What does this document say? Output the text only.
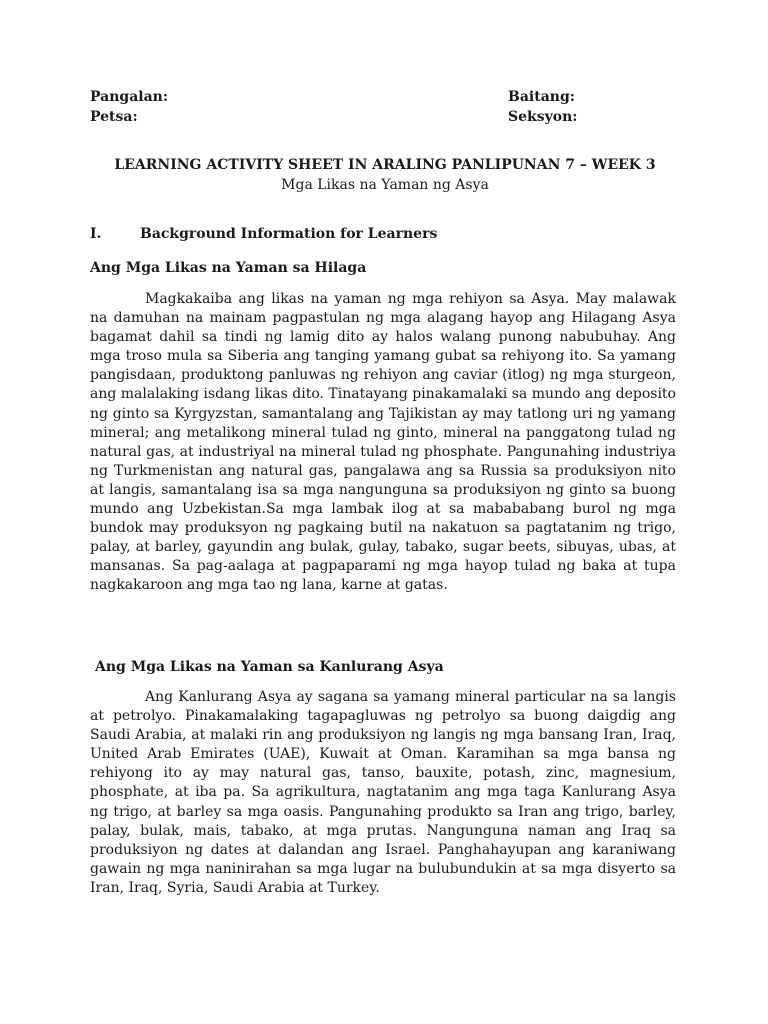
Pangalan:
Petsa:
Baitang:
Seksyon:
LEARNING ACTIVITY SHEET IN ARALING PANLIPUNAN 7 – WEEK 3
Mga Likas na Yaman ng Asya
I.	Background Information for Learners
Ang Mga Likas na Yaman sa Hilaga

Magkakaiba ang likas na yaman ng mga rehiyon sa Asya. May malawak na damuhan na mainam pagpastulan ng mga alagang hayop ang Hilagang Asya bagamat dahil sa tindi ng lamig dito ay halos walang punong nabubuhay. Ang mga troso mula sa Siberia ang tanging yamang gubat sa rehiyong ito. Sa yamang pangisdaan, produktong panluwas ng rehiyon ang caviar (itlog) ng mga sturgeon, ang malalaking isdang likas dito. Tinatayang pinakamalaki sa mundo ang deposito ng ginto sa Kyrgyzstan, samantalang ang Tajikistan ay may tatlong uri ng yamang mineral; ang metalikong mineral tulad ng ginto, mineral na panggatong tulad ng natural gas, at industriyal na mineral tulad ng phosphate. Pangunahing industriya ng Turkmenistan ang natural gas, pangalawa ang sa Russia sa produksiyon nito at langis, samantalang isa sa mga nangunguna sa produksiyon ng ginto sa buong mundo ang Uzbekistan.Sa mga lambak ilog at sa mabababang burol ng mga bundok may produksyon ng pagkaing butil na nakatuon sa pagtatanim ng trigo, palay, at barley, gayundin ang bulak, gulay, tabako, sugar beets, sibuyas, ubas, at mansanas. Sa pag-aalaga at pagpaparami ng mga hayop tulad ng baka at tupa nagkakaroon ang mga tao ng lana, karne at gatas.

Ang Mga Likas na Yaman sa Kanlurang Asya

Ang Kanlurang Asya ay sagana sa yamang mineral particular na sa langis at petrolyo. Pinakamalaking tagapagluwas ng petrolyo sa buong daigdig ang Saudi Arabia, at malaki rin ang produksiyon ng langis ng mga bansang Iran, Iraq, United Arab Emirates (UAE), Kuwait at Oman. Karamihan sa mga bansa ng rehiyong ito ay may natural gas, tanso, bauxite, potash, zinc, magnesium, phosphate, at iba pa. Sa agrikultura, nagtatanim ang mga taga Kanlurang Asya ng trigo, at barley sa mga oasis. Pangunahing produkto sa Iran ang trigo, barley, palay, bulak, mais, tabako, at mga prutas. Nangunguna naman ang Iraq sa produksiyon ng dates at dalandan ang Israel. Panghahayupan ang karaniwang gawain ng mga naninirahan sa mga lugar na bulubundukin at sa mga disyerto sa Iran, Iraq, Syria, Saudi Arabia at Turkey.
